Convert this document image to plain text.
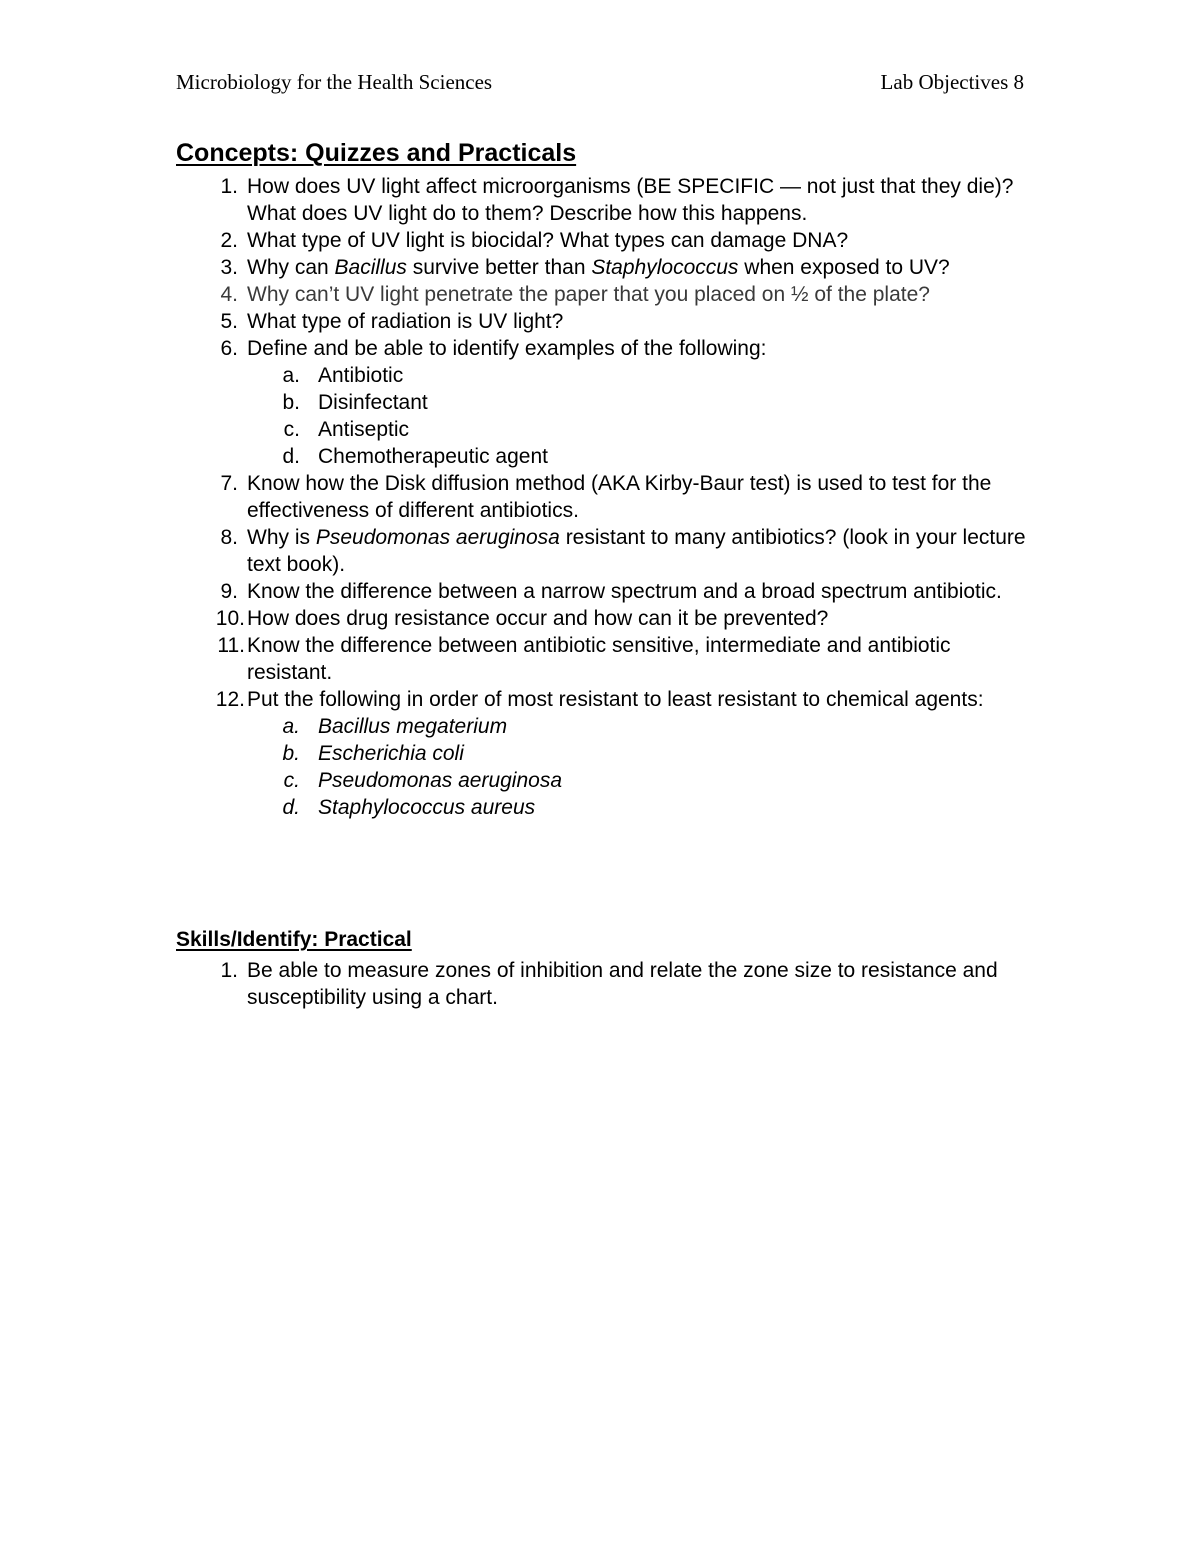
Microbiology for the Health Sciences	Lab Objectives 8
Concepts: Quizzes and Practicals
1. How does UV light affect microorganisms (BE SPECIFIC — not just that they die)? What does UV light do to them? Describe how this happens.
2. What type of UV light is biocidal? What types can damage DNA?
3. Why can Bacillus survive better than Staphylococcus when exposed to UV?
4. Why can’t UV light penetrate the paper that you placed on ½ of the plate?
5. What type of radiation is UV light?
6. Define and be able to identify examples of the following:
a. Antibiotic
b. Disinfectant
c. Antiseptic
d. Chemotherapeutic agent
7. Know how the Disk diffusion method (AKA Kirby-Baur test) is used to test for the effectiveness of different antibiotics.
8. Why is Pseudomonas aeruginosa resistant to many antibiotics? (look in your lecture text book).
9. Know the difference between a narrow spectrum and a broad spectrum antibiotic.
10. How does drug resistance occur and how can it be prevented?
11. Know the difference between antibiotic sensitive, intermediate and antibiotic resistant.
12. Put the following in order of most resistant to least resistant to chemical agents:
a. Bacillus megaterium
b. Escherichia coli
c. Pseudomonas aeruginosa
d. Staphylococcus aureus
Skills/Identify: Practical
1. Be able to measure zones of inhibition and relate the zone size to resistance and susceptibility using a chart.
